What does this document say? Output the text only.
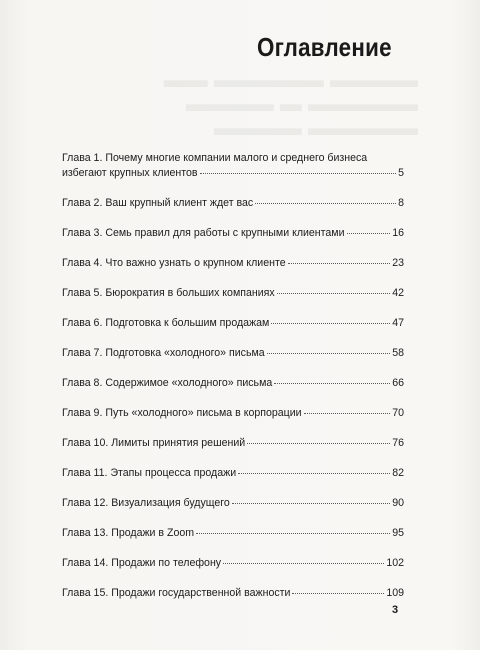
▬▬ ▬▬▬▬▬ ▬▬▬▬
▬▬▬▬ ▬ ▬▬▬▬▬
▬▬▬▬ ▬▬▬▬▬
Оглавление
Глава 1. Почему многие компании малого и среднего бизнеса
избегают крупных клиентов	5
Глава 2. Ваш крупный клиент ждет вас	8
Глава 3. Семь правил для работы с крупными клиентами	16
Глава 4. Что важно узнать о крупном клиенте	23
Глава 5. Бюрократия в больших компаниях	42
Глава 6. Подготовка к большим продажам	47
Глава 7. Подготовка «холодного» письма	58
Глава 8. Содержимое «холодного» письма	66
Глава 9. Путь «холодного» письма в корпорации	70
Глава 10. Лимиты принятия решений	76
Глава 11. Этапы процесса продажи	82
Глава 12. Визуализация будущего	90
Глава 13. Продажи в Zoom	95
Глава 14. Продажи по телефону	102
Глава 15. Продажи государственной важности	109
3
